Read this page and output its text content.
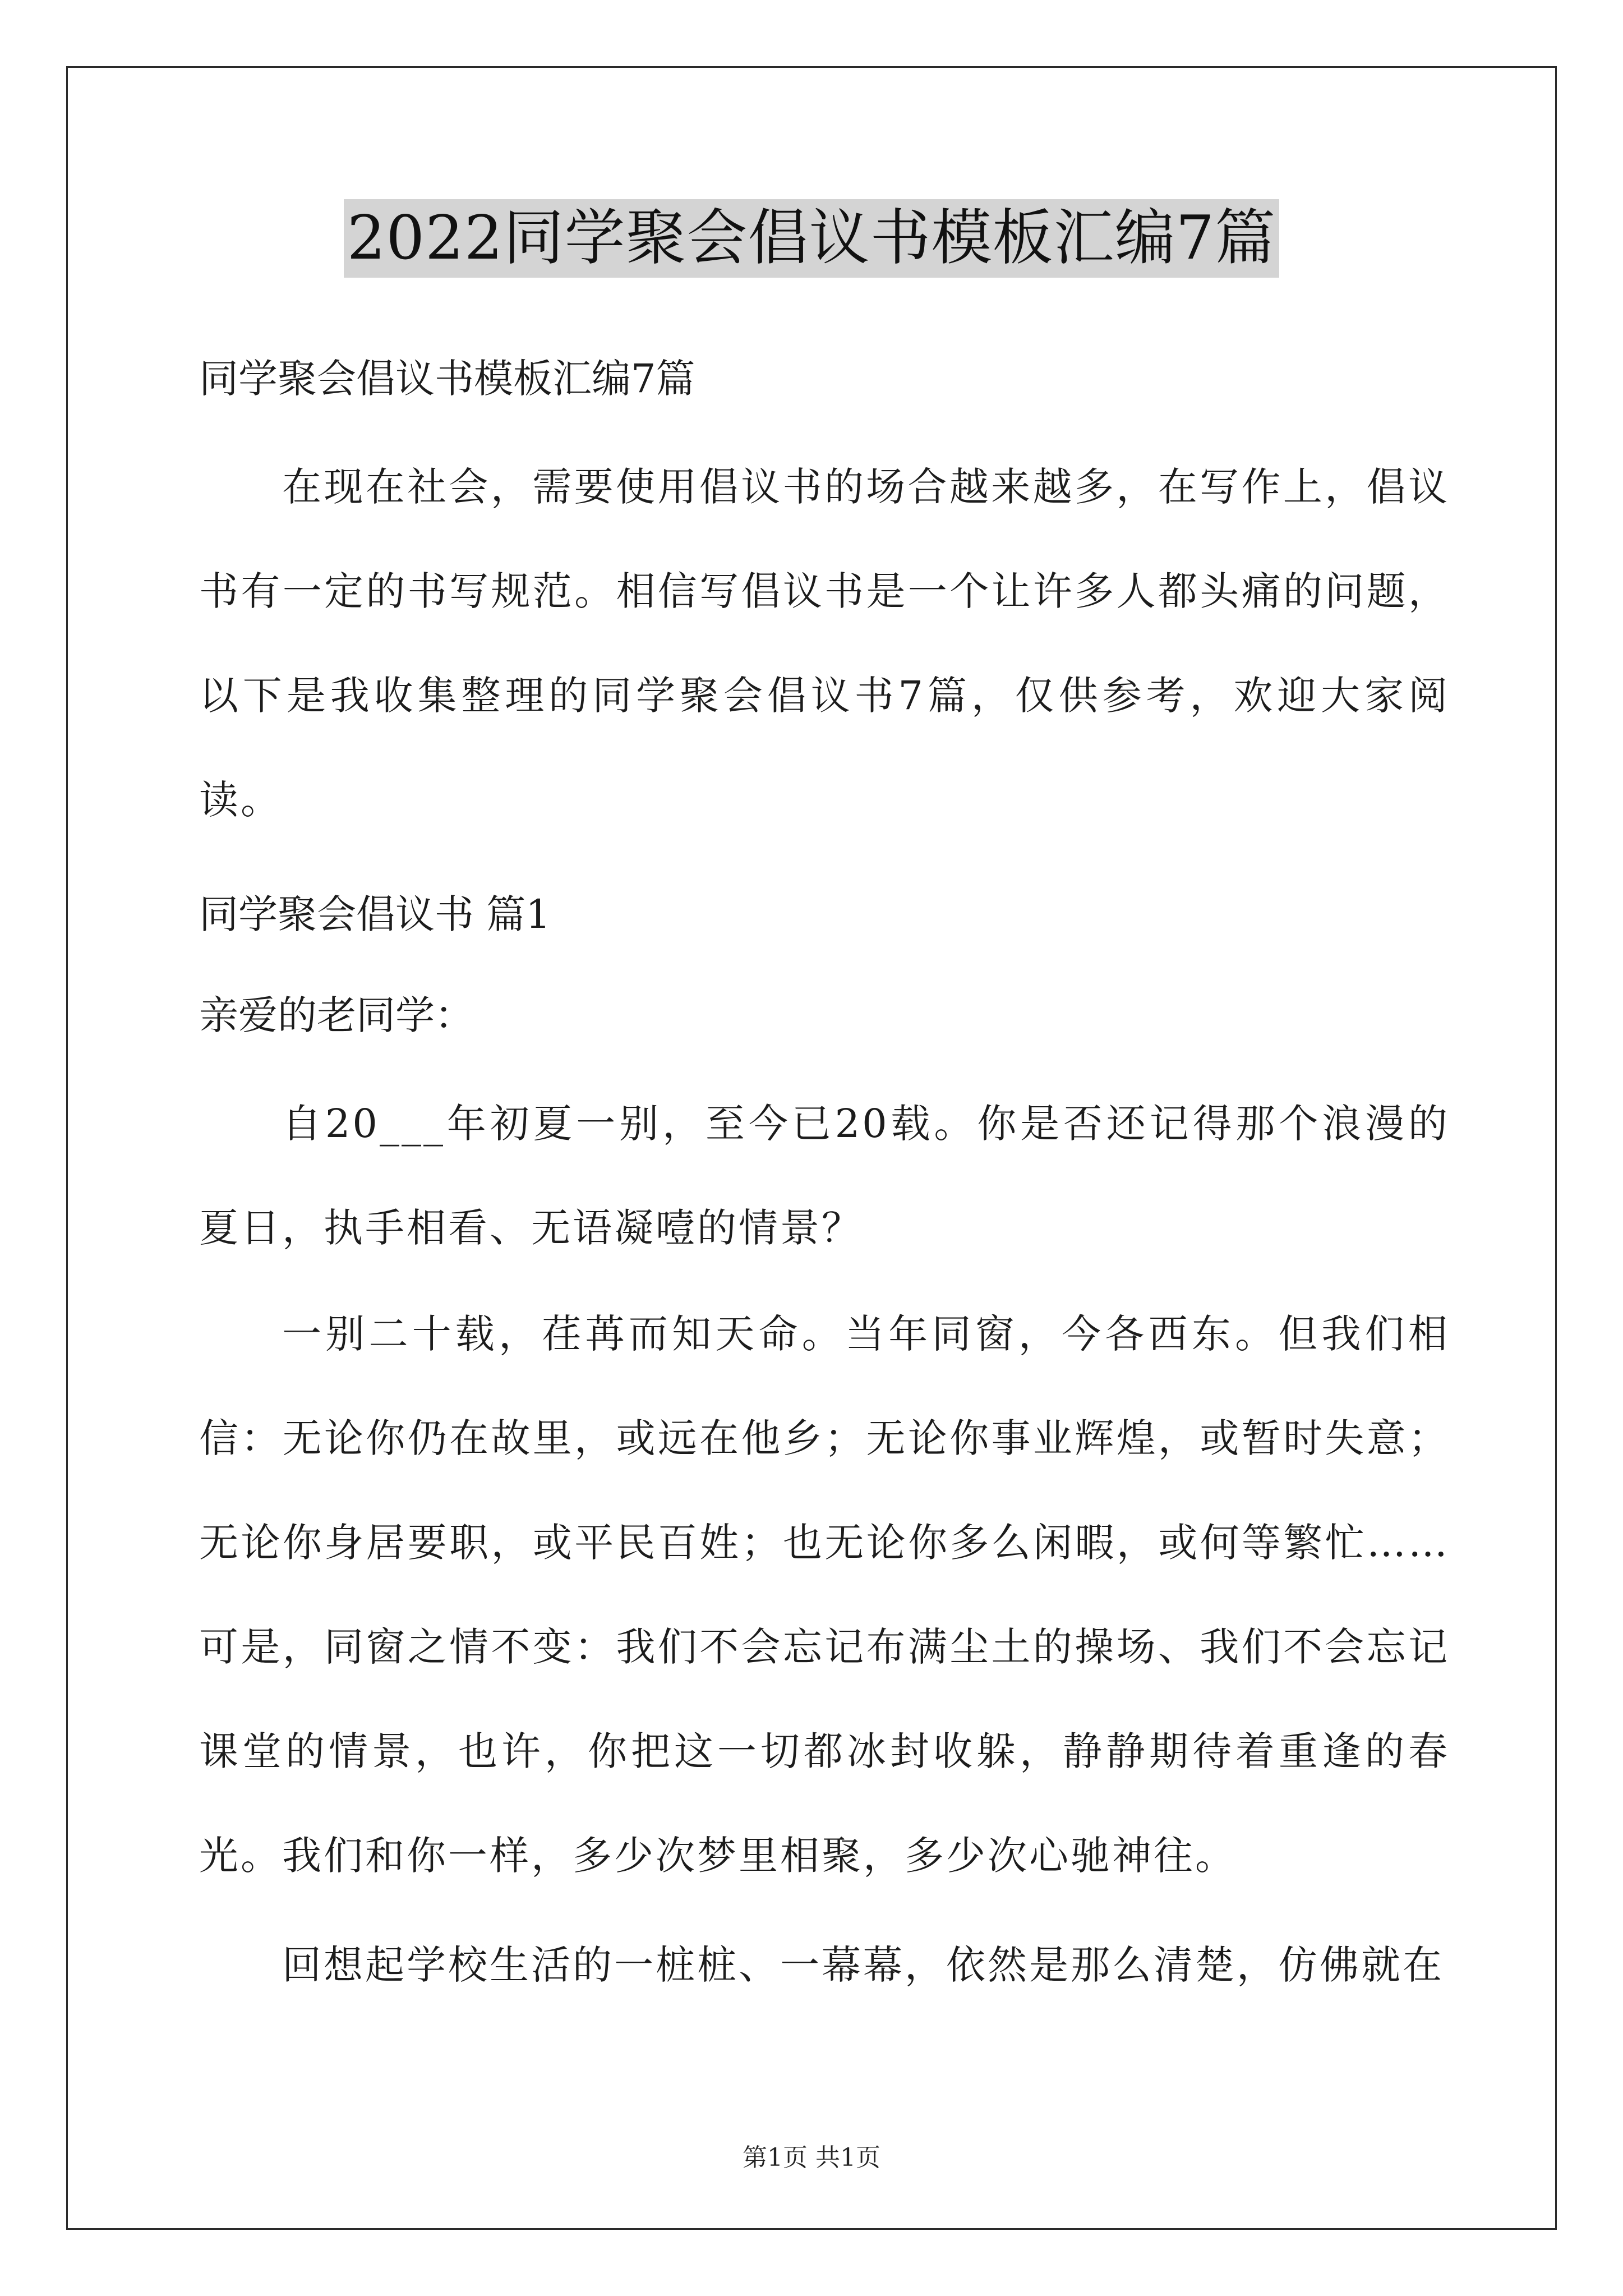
2022同学聚会倡议书模板汇编7篇

同学聚会倡议书模板汇编7篇

在现在社会，需要使用倡议书的场合越来越多，在写作上，倡议书有一定的书写规范。相信写倡议书是一个让许多人都头痛的问题，以下是我收集整理的同学聚会倡议书7篇，仅供参考，欢迎大家阅读。

同学聚会倡议书 篇1

亲爱的老同学：

自20___年初夏一别，至今已20载。你是否还记得那个浪漫的夏日，执手相看、无语凝噎的情景？

一别二十载，荏苒而知天命。当年同窗，今各西东。但我们相信：无论你仍在故里，或远在他乡；无论你事业辉煌，或暂时失意；无论你身居要职，或平民百姓；也无论你多么闲暇，或何等繁忙……可是，同窗之情不变：我们不会忘记布满尘土的操场、我们不会忘记课堂的情景，也许，你把这一切都冰封收躲，静静期待着重逢的春光。我们和你一样，多少次梦里相聚，多少次心驰神往。

回想起学校生活的一桩桩、一幕幕，依然是那么清楚，仿佛就在

第1页 共1页
